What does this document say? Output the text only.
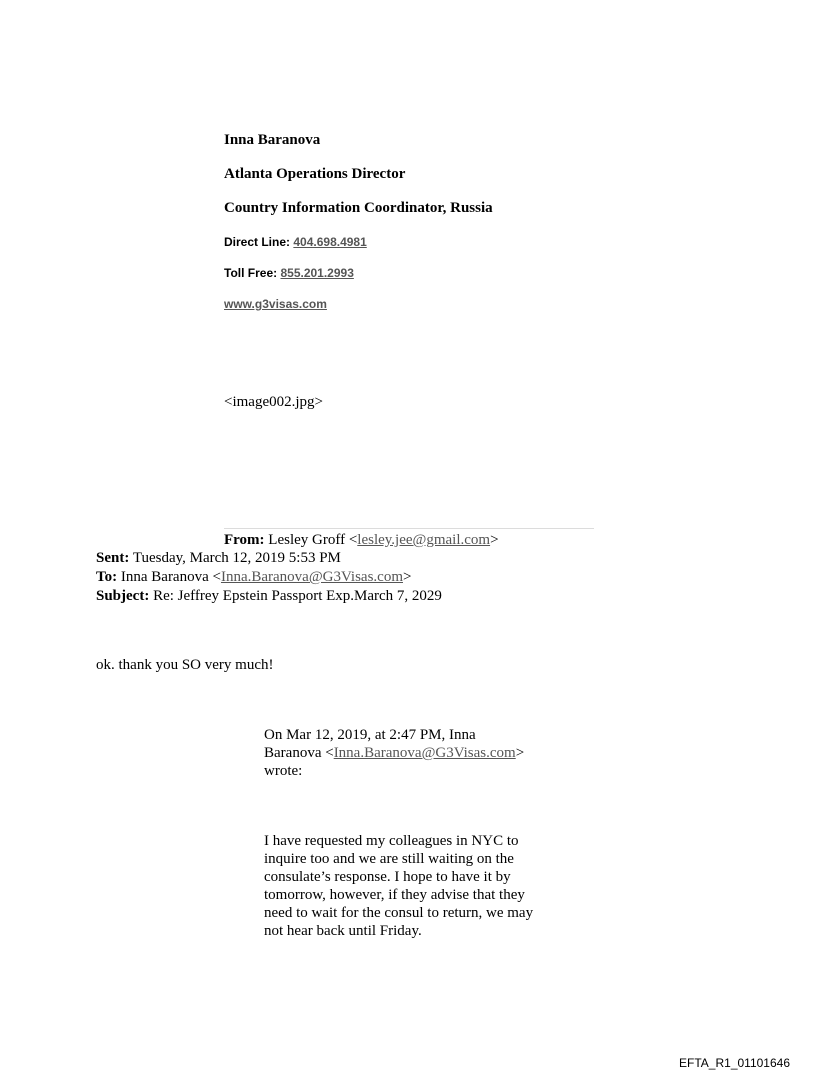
Inna Baranova
Atlanta Operations Director
Country Information Coordinator, Russia
Direct Line: 404.698.4981
Toll Free: 855.201.2993
www.g3visas.com
<image002.jpg>
From: Lesley Groff <lesley.jee@gmail.com>
Sent: Tuesday, March 12, 2019 5:53 PM
To: Inna Baranova <Inna.Baranova@G3Visas.com>
Subject: Re: Jeffrey Epstein Passport Exp.March 7, 2029
ok. thank you SO very much!
On Mar 12, 2019, at 2:47 PM, Inna
Baranova <Inna.Baranova@G3Visas.com>
wrote:
I have requested my colleagues in NYC to
inquire too and we are still waiting on the
consulate’s response. I hope to have it by
tomorrow, however, if they advise that they
need to wait for the consul to return, we may
not hear back until Friday.
EFTA_R1_01101646
